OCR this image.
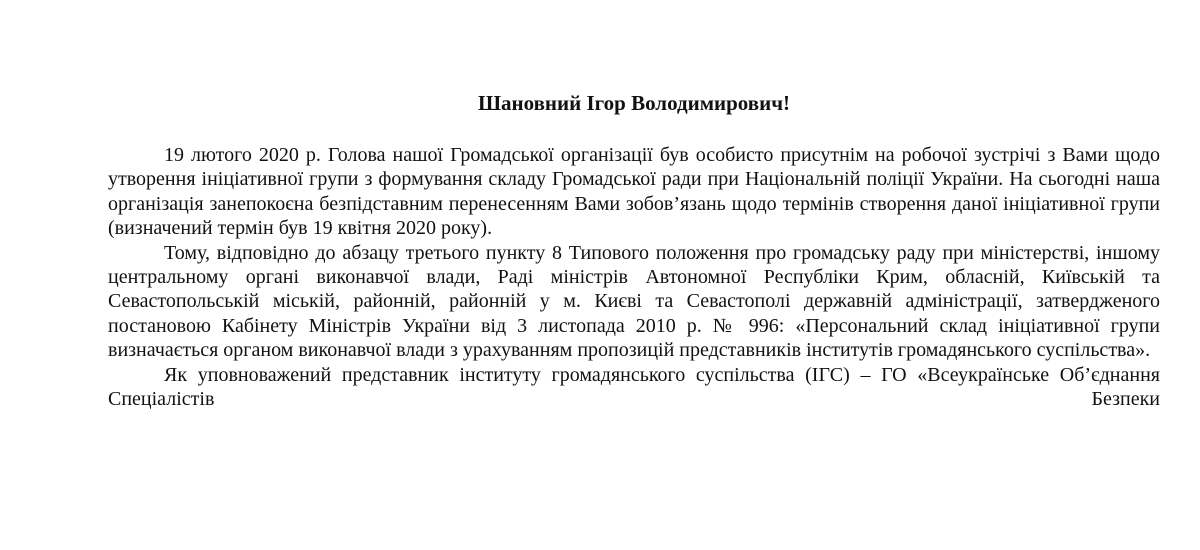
Шановний Ігор Володимирович!

19 лютого 2020 р. Голова нашої Громадської організації був особисто присутнім на робочої зустрічі з Вами щодо утворення ініціативної групи з формування складу Громадської ради при Національній поліції України. На сьогодні наша організація занепокоєна безпідставним перенесенням Вами зобов’язань щодо термінів створення даної ініціативної групи (визначений термін був 19 квітня 2020 року).

Тому, відповідно до абзацу третього пункту 8 Типового положення про громадську раду при міністерстві, іншому центральному органі виконавчої влади, Раді міністрів Автономної Республіки Крим, обласній, Київській та Севастопольській міській, районній, районній у м. Києві та Севастополі державній адміністрації, затвердженого постановою Кабінету Міністрів України від 3 листопада 2010 р. № 996: «Персональний склад ініціативної групи визначається органом виконавчої влади з урахуванням пропозицій представників інститутів громадянського суспільства».

Як уповноважений представник інституту громадянського суспільства (ІГС) – ГО «Всеукраїнське Об’єднання Спеціалістів Безпеки
